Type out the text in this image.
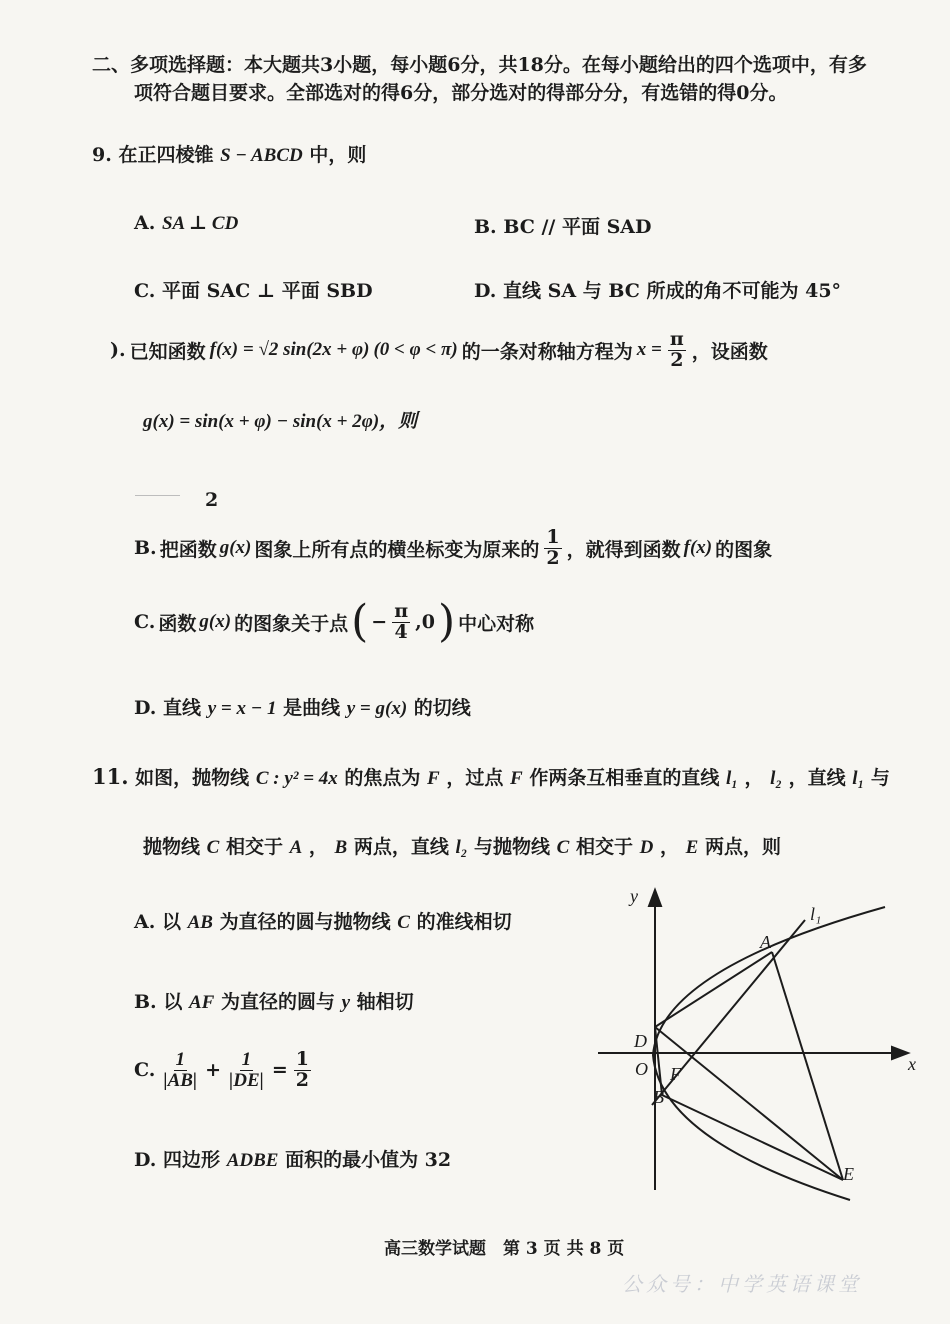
二、多项选择题：本大题共3小题，每小题6分，共18分。在每小题给出的四个选项中，有多
项符合题目要求。全部选对的得6分，部分选对的得部分分，有选错的得0分。
9. 在正四棱锥 S − ABCD 中，则
A. SA ⊥ CD	B. BC // 平面 SAD
C. 平面 SAC ⊥ 平面 SBD	D. 直线 SA 与 BC 所成的角不可能为 45°
). 已知函数 f(x) = √2 sin(2x + φ) (0 < φ < π) 的一条对称轴方程为 $x = \frac{\pi}{2}$ ，设函数
g(x) = sin(x + φ) − sin(x + 2φ)，则
2
B. 把函数 g(x) 图象上所有点的横坐标变为原来的 $\frac{1}{2}$ ，就得到函数 f(x) 的图象
C. 函数 g(x) 的图象关于点 ( − $\frac{\pi}{4} ,0$ ) 中心对称
D. 直线 y = x − 1 是曲线 y = g(x) 的切线
11. 如图，抛物线 C : y² = 4x 的焦点为 F ，过点 F 作两条互相垂直的直线 l₁ ， l₂ ，直线 l₁ 与
抛物线 C 相交于 A ， B 两点，直线 l₂ 与抛物线 C 相交于 D ， E 两点，则
A. 以 AB 为直径的圆与抛物线 C 的准线相切
B. 以 AF 为直径的圆与 y 轴相切
C. $\frac{1}{|AB|} + \frac{1}{|DE|} = \frac{1}{2}$
D. 四边形 ADBE 面积的最小值为 32
y
x
l₁
A
D
O F
B
E
高三数学试题　第 3 页 共 8 页
公众号：中学英语课堂
